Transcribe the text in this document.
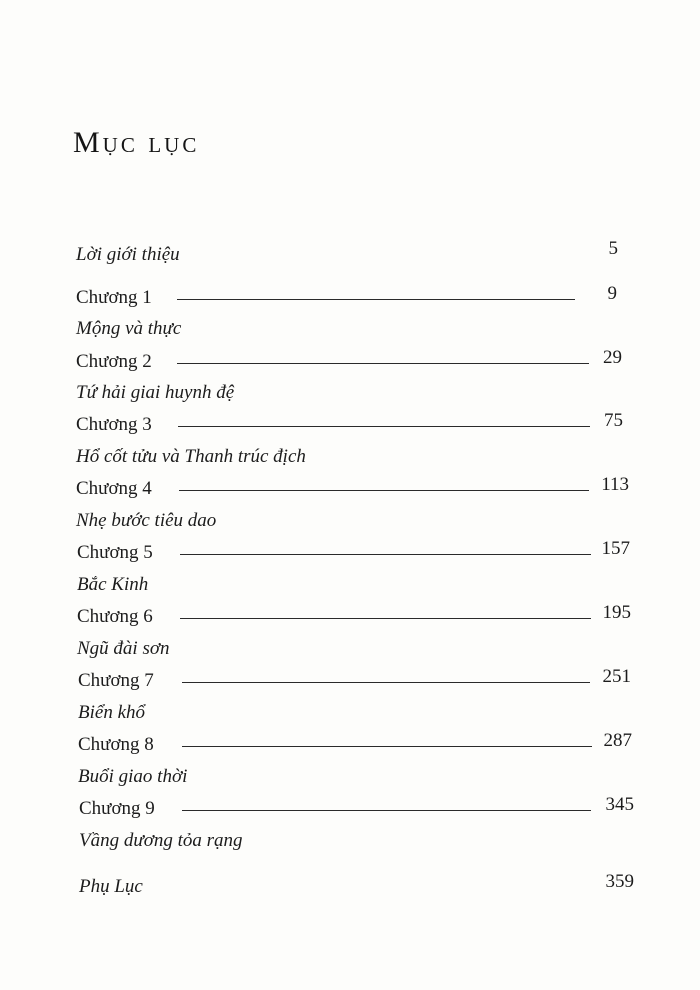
Mục lục
Lời giới thiệu	5
Chương 1	9
Mộng và thực
Chương 2	29
Tứ hải giai huynh đệ
Chương 3	75
Hổ cốt tửu và Thanh trúc địch
Chương 4	113
Nhẹ bước tiêu dao
Chương 5	157
Bắc Kinh
Chương 6	195
Ngũ đài sơn
Chương 7	251
Biển khổ
Chương 8	287
Buổi giao thời
Chương 9	345
Vầng dương tỏa rạng
Phụ Lục	359
